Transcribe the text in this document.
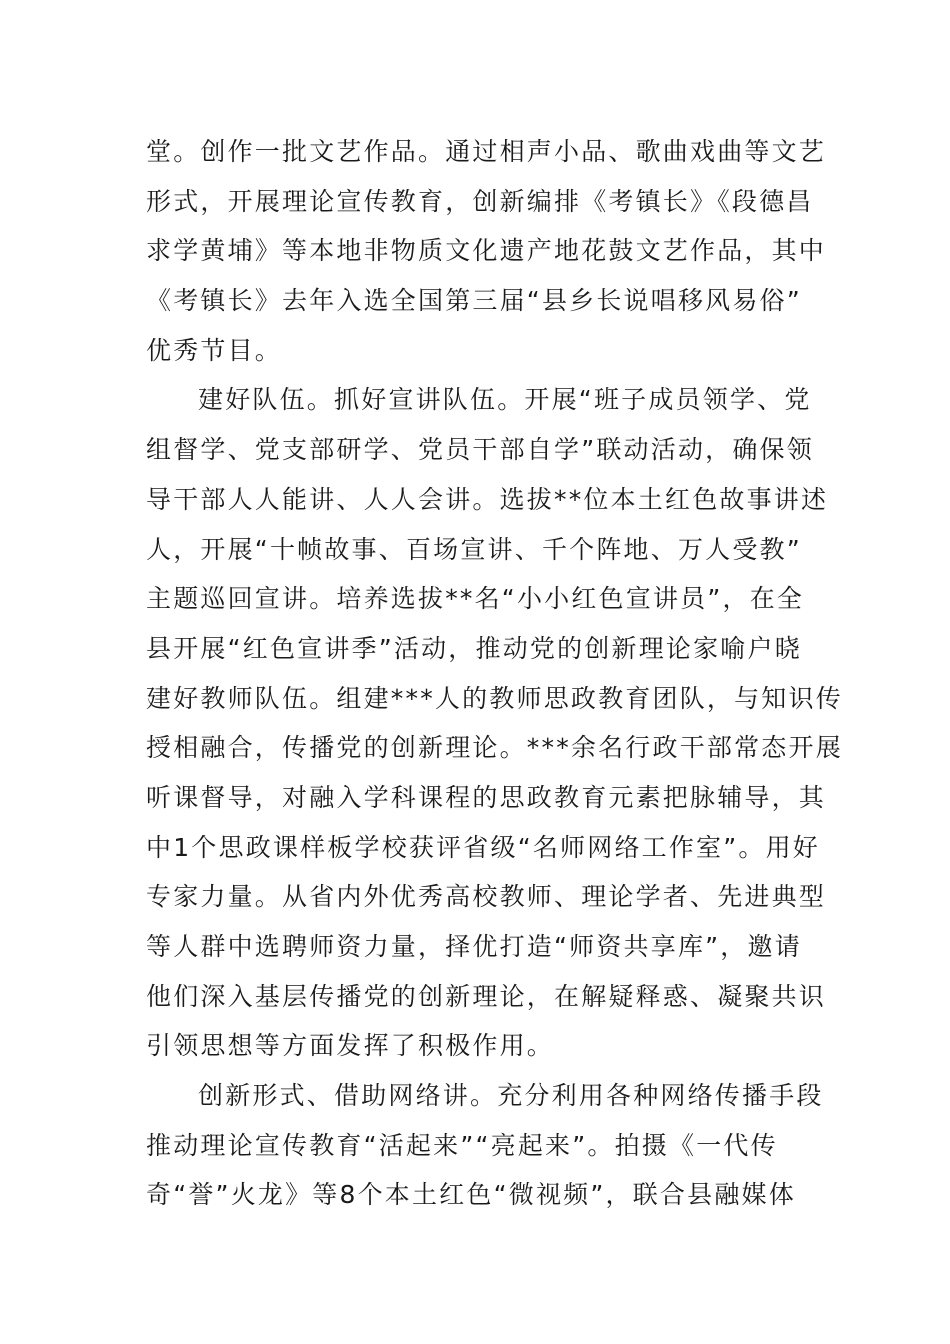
堂。创作一批文艺作品。通过相声小品、歌曲戏曲等文艺
形式，开展理论宣传教育，创新编排《考镇长》《段德昌
求学黄埔》等本地非物质文化遗产地花鼓文艺作品，其中
《考镇长》去年入选全国第三届“县乡长说唱移风易俗”
优秀节目。
建好队伍。抓好宣讲队伍。开展“班子成员领学、党
组督学、党支部研学、党员干部自学”联动活动，确保领
导干部人人能讲、人人会讲。选拔**位本土红色故事讲述
人，开展“十帧故事、百场宣讲、千个阵地、万人受教”
主题巡回宣讲。培养选拔**名“小小红色宣讲员”，在全
县开展“红色宣讲季”活动，推动党的创新理论家喻户晓
建好教师队伍。组建***人的教师思政教育团队，与知识传
授相融合，传播党的创新理论。***余名行政干部常态开展
听课督导，对融入学科课程的思政教育元素把脉辅导，其
中1个思政课样板学校获评省级“名师网络工作室”。用好
专家力量。从省内外优秀高校教师、理论学者、先进典型
等人群中选聘师资力量，择优打造“师资共享库”，邀请
他们深入基层传播党的创新理论，在解疑释惑、凝聚共识
引领思想等方面发挥了积极作用。
创新形式、借助网络讲。充分利用各种网络传播手段
推动理论宣传教育“活起来”“亮起来”。拍摄《一代传
奇“誉”火龙》等8个本土红色“微视频”，联合县融媒体
